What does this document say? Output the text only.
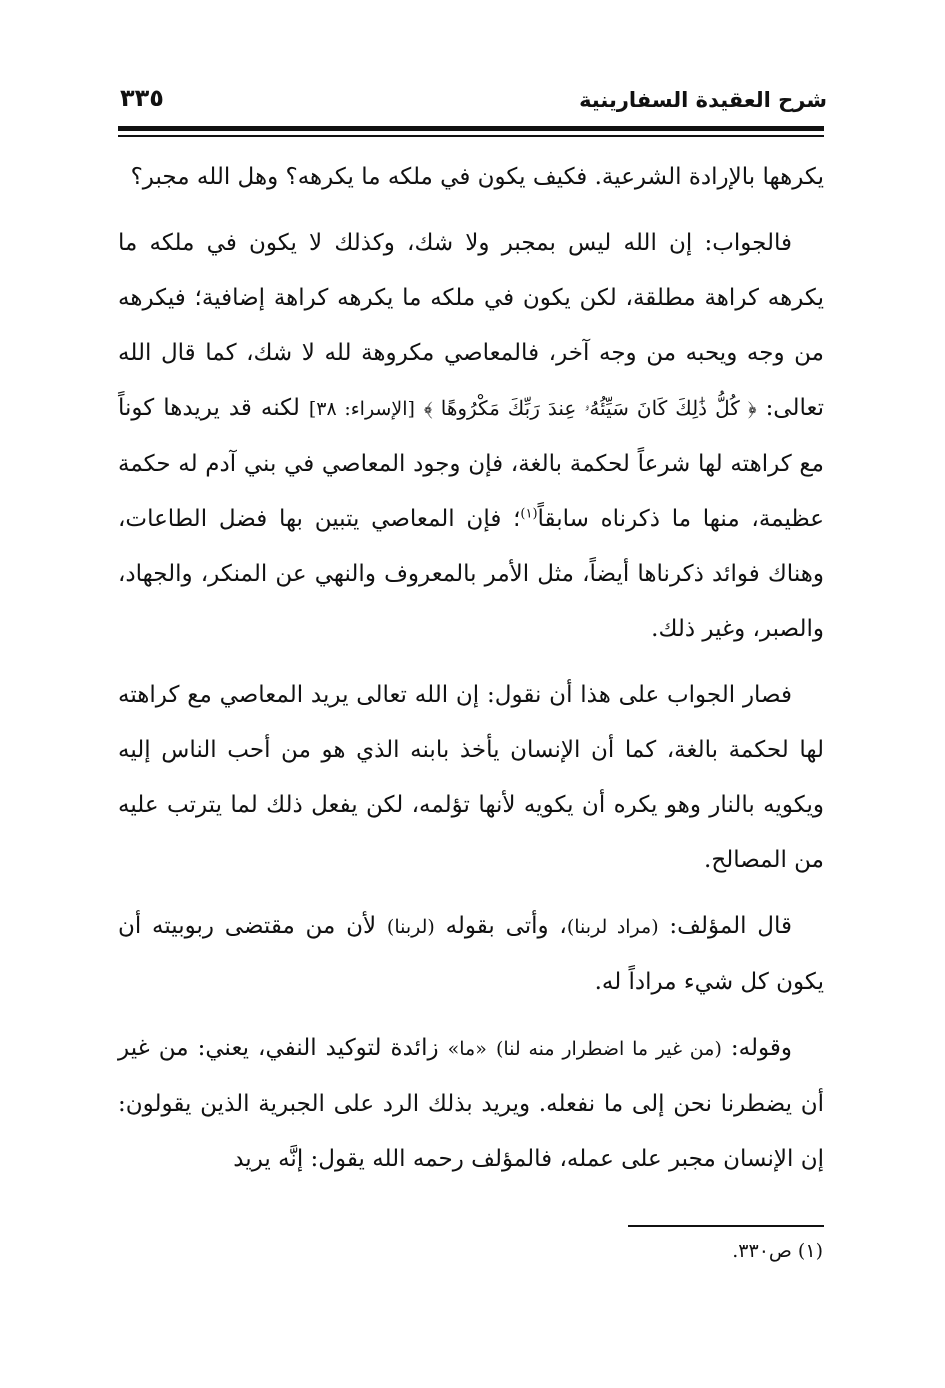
شرح العقيدة السفارينية
٣٣٥

يكرهها بالإرادة الشرعية. فكيف يكون في ملكه ما يكرهه؟ وهل الله مجبر؟

فالجواب: إن الله ليس بمجبر ولا شك، وكذلك لا يكون في ملكه ما يكرهه كراهة مطلقة، لكن يكون في ملكه ما يكرهه كراهة إضافية؛ فيكرهه من وجه ويحبه من وجه آخر، فالمعاصي مكروهة لله لا شك، كما قال الله تعالى: ﴿ كُلُّ ذَٰلِكَ كَانَ سَيِّئُهُۥ عِندَ رَبِّكَ مَكْرُوهًا ﴾ [الإسراء: ٣٨] لكنه قد يريدها كوناً مع كراهته لها شرعاً لحكمة بالغة، فإن وجود المعاصي في بني آدم له حكمة عظيمة، منها ما ذكرناه سابقاً$^{(١)}$؛ فإن المعاصي يتبين بها فضل الطاعات، وهناك فوائد ذكرناها أيضاً، مثل الأمر بالمعروف والنهي عن المنكر، والجهاد، والصبر، وغير ذلك.

فصار الجواب على هذا أن نقول: إن الله تعالى يريد المعاصي مع كراهته لها لحكمة بالغة، كما أن الإنسان يأخذ بابنه الذي هو من أحب الناس إليه ويكويه بالنار وهو يكره أن يكويه لأنها تؤلمه، لكن يفعل ذلك لما يترتب عليه من المصالح.

قال المؤلف: (مراد لربنا)، وأتى بقوله (لربنا) لأن من مقتضى ربوبيته أن يكون كل شيء مراداً له.

وقوله: (من غير ما اضطرار منه لنا) «ما» زائدة لتوكيد النفي، يعني: من غير أن يضطرنا نحن إلى ما نفعله. ويريد بذلك الرد على الجبرية الذين يقولون: إن الإنسان مجبر على عمله، فالمؤلف رحمه الله يقول: إنَّه يريد

(١) ص٣٣٠.
